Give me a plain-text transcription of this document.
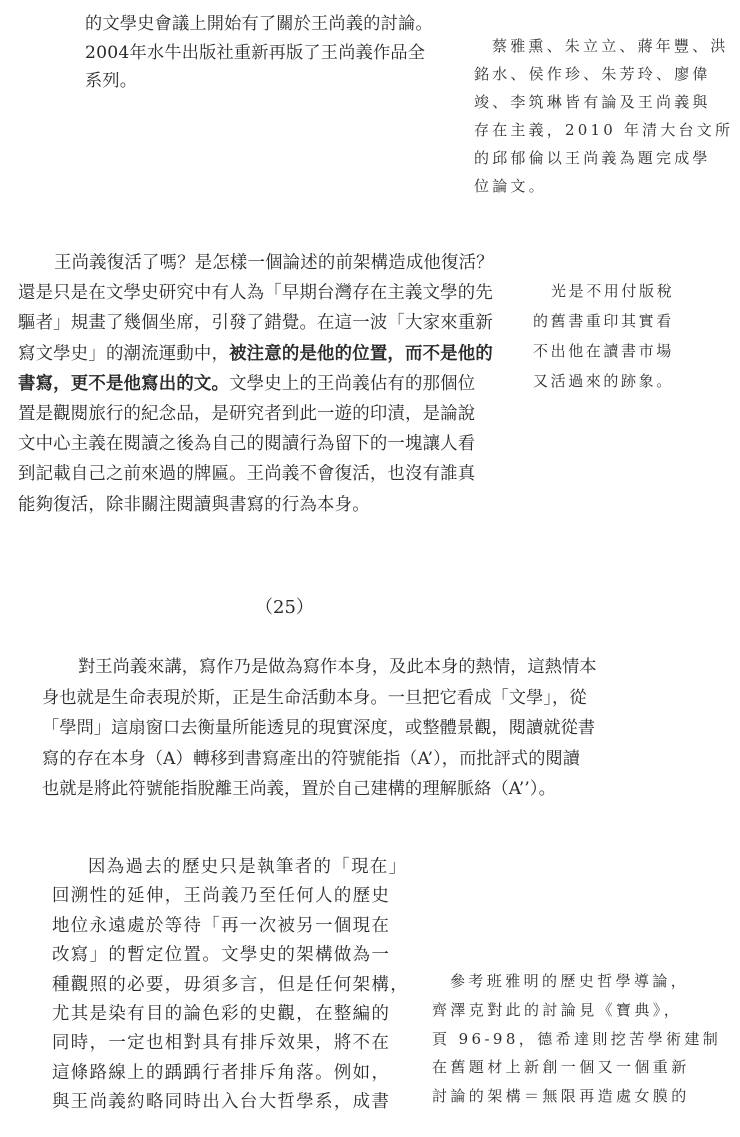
的文學史會議上開始有了關於王尚義的討論。
2004年水牛出版社重新再版了王尚義作品全
系列。
蔡雅熏、朱立立、蔣年豐、洪
銘水、侯作珍、朱芳玲、廖偉
竣、李筑琳皆有論及王尚義與
存在主義，2010 年清大台文所
的邱郁倫以王尚義為題完成學
位論文。
王尚義復活了嗎？是怎樣一個論述的前架構造成他復活？
還是只是在文學史研究中有人為「早期台灣存在主義文學的先
驅者」規畫了幾個坐席，引發了錯覺。在這一波「大家來重新
寫文學史」的潮流運動中，被注意的是他的位置，而不是他的
書寫，更不是他寫出的文。文學史上的王尚義佔有的那個位
置是觀閱旅行的紀念品，是研究者到此一遊的印漬，是論說
文中心主義在閱讀之後為自己的閱讀行為留下的一塊讓人看
到記載自己之前來過的牌匾。王尚義不會復活，也沒有誰真
能夠復活，除非關注閱讀與書寫的行為本身。
光是不用付版稅
的舊書重印其實看
不出他在讀書市場
又活過來的跡象。
（25）
對王尚義來講，寫作乃是做為寫作本身，及此本身的熱情，這熱情本
身也就是生命表現於斯，正是生命活動本身。一旦把它看成「文學」，從
「學問」這扇窗口去衡量所能透見的現實深度，或整體景觀，閱讀就從書
寫的存在本身（A）轉移到書寫產出的符號能指（A’），而批評式的閱讀
也就是將此符號能指脫離王尚義，置於自己建構的理解脈絡（A’’）。
因為過去的歷史只是執筆者的「現在」
回溯性的延伸，王尚義乃至任何人的歷史
地位永遠處於等待「再一次被另一個現在
改寫」的暫定位置。文學史的架構做為一
種觀照的必要，毋須多言，但是任何架構，
尤其是染有目的論色彩的史觀，在整編的
同時，一定也相對具有排斥效果，將不在
這條路線上的踽踽行者排斥角落。例如，
與王尚義約略同時出入台大哲學系，成書
參考班雅明的歷史哲學導論，
齊澤克對此的討論見《寶典》，
頁 96-98，德希達則挖苦學術建制
在舊題材上新創一個又一個重新
討論的架構＝無限再造處女膜的
